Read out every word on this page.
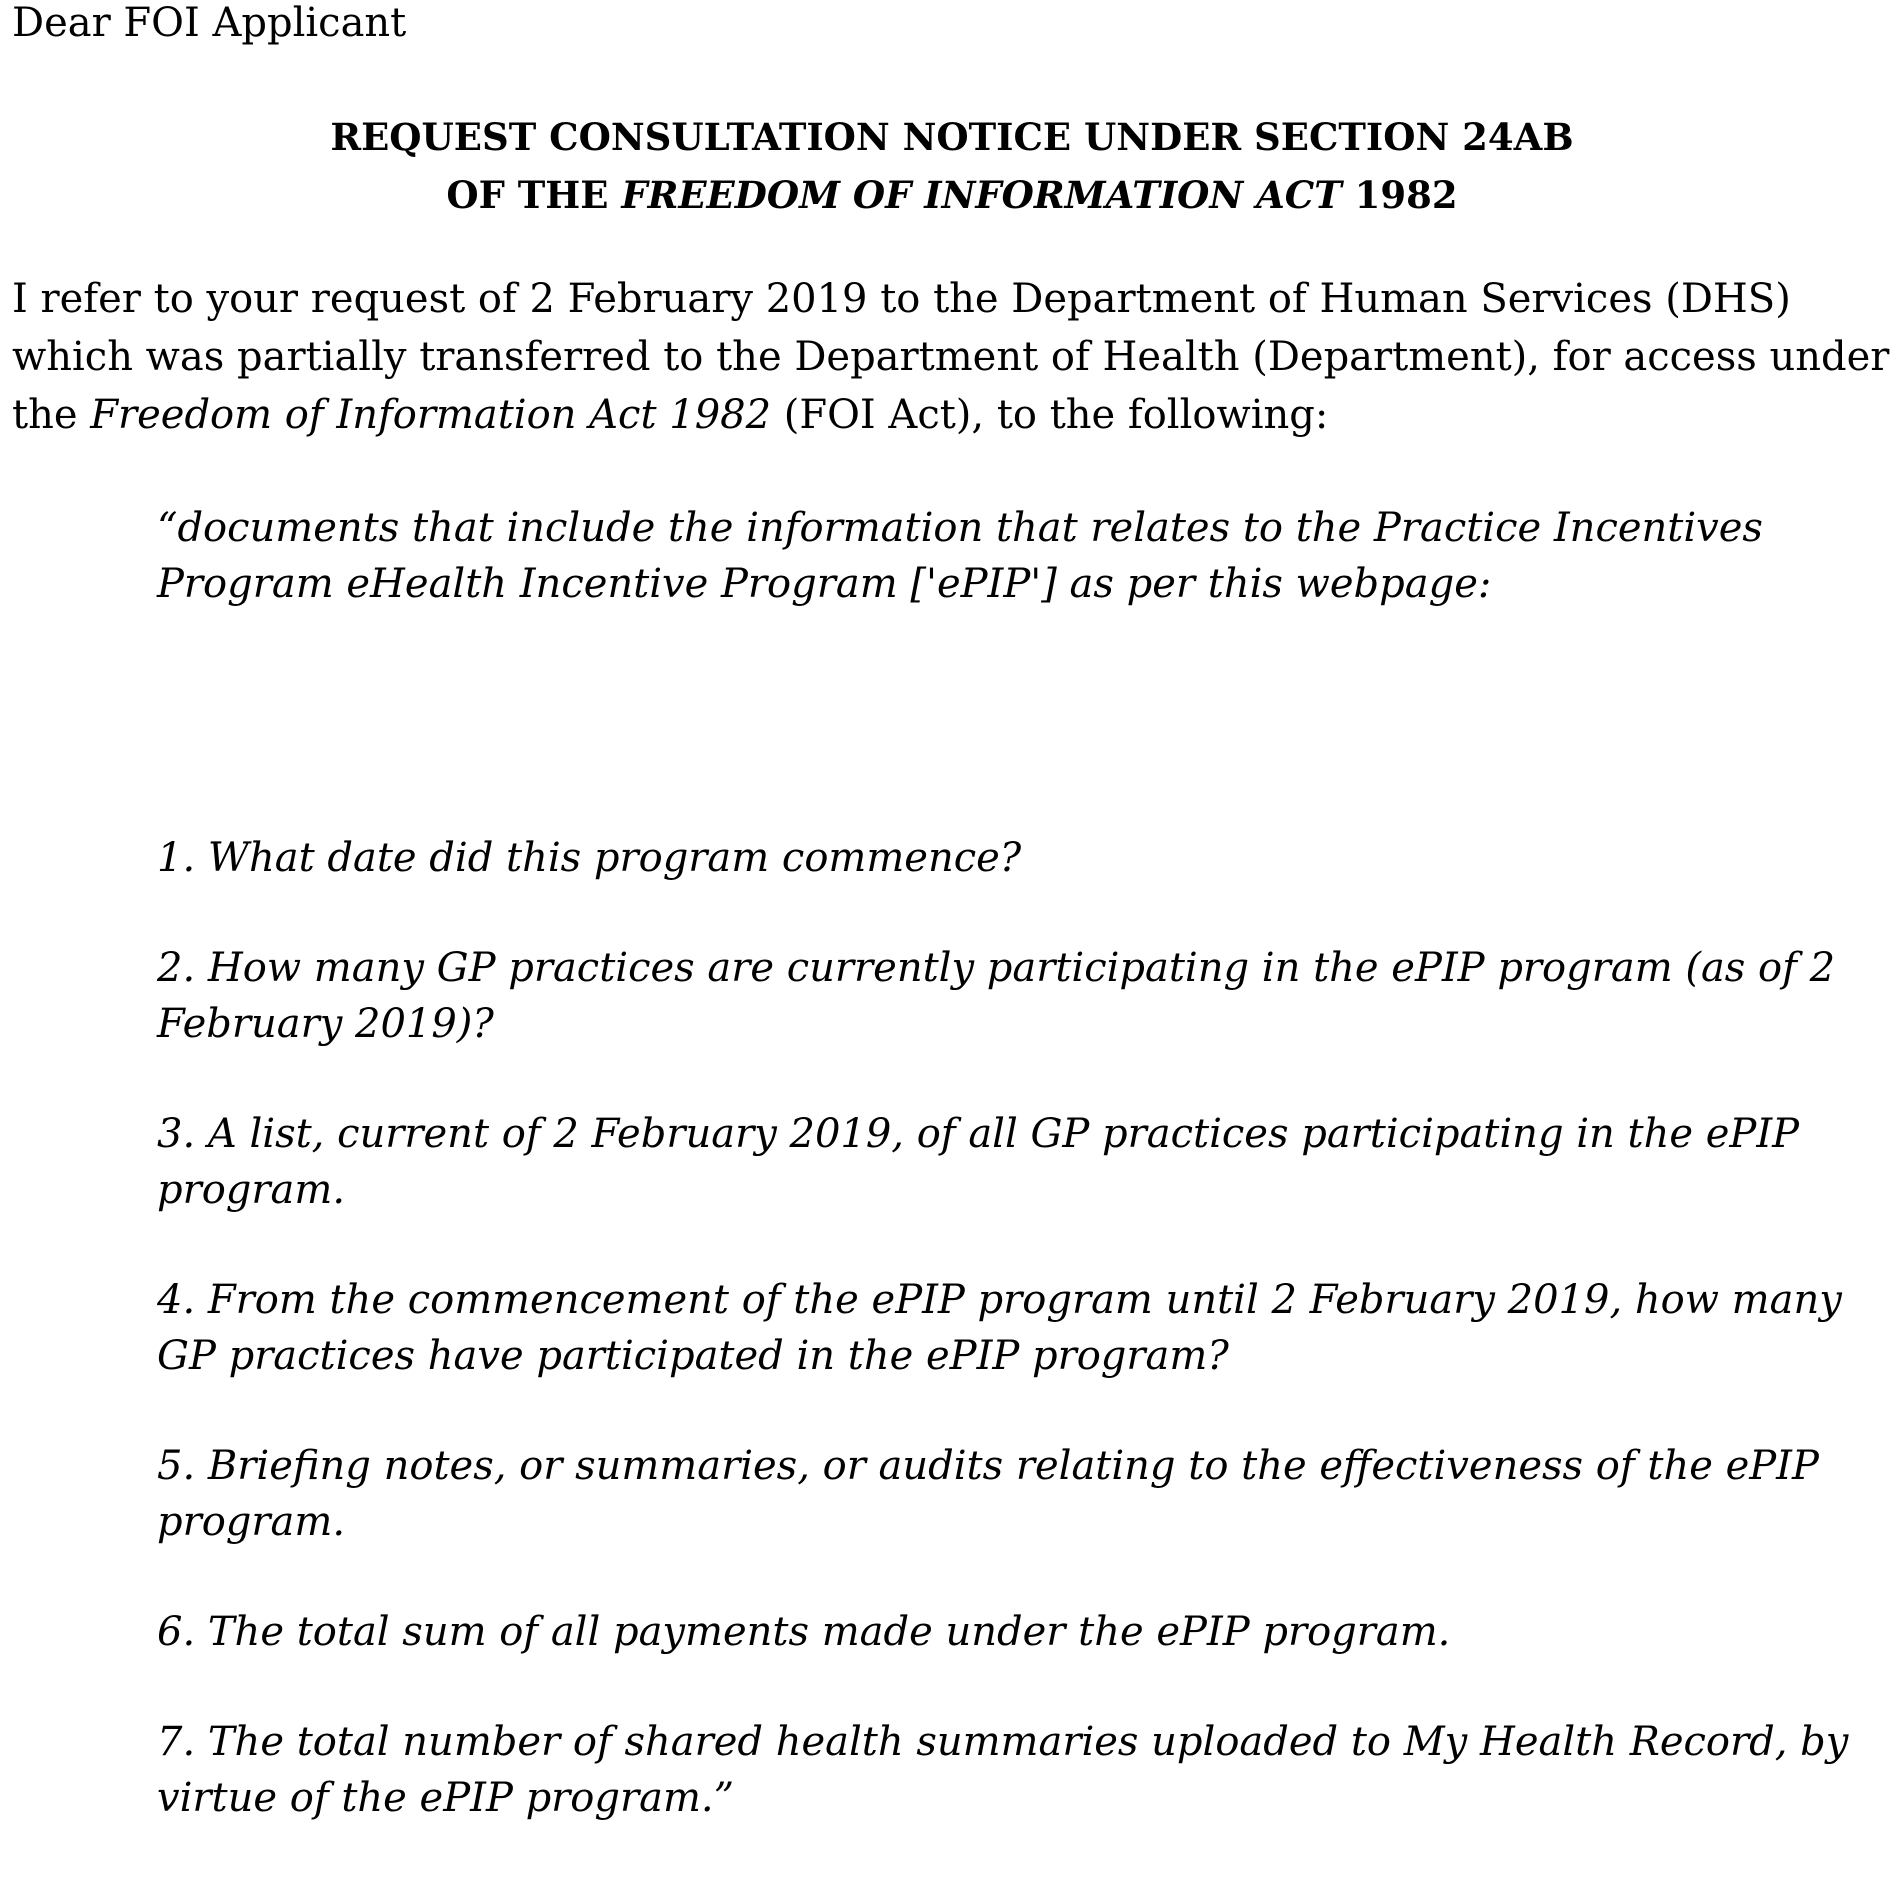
Dear FOI Applicant

REQUEST CONSULTATION NOTICE UNDER SECTION 24AB
OF THE FREEDOM OF INFORMATION ACT 1982

I refer to your request of 2 February 2019 to the Department of Human Services (DHS) which was partially transferred to the Department of Health (Department), for access under the Freedom of Information Act 1982 (FOI Act), to the following:

“documents that include the information that relates to the Practice Incentives Program eHealth Incentive Program ['ePIP'] as per this webpage:

1. What date did this program commence?
2. How many GP practices are currently participating in the ePIP program (as of 2 February 2019)?
3. A list, current of 2 February 2019, of all GP practices participating in the ePIP program.
4. From the commencement of the ePIP program until 2 February 2019, how many GP practices have participated in the ePIP program?
5. Briefing notes, or summaries, or audits relating to the effectiveness of the ePIP program.
6. The total sum of all payments made under the ePIP program.
7. The total number of shared health summaries uploaded to My Health Record, by virtue of the ePIP program.”
